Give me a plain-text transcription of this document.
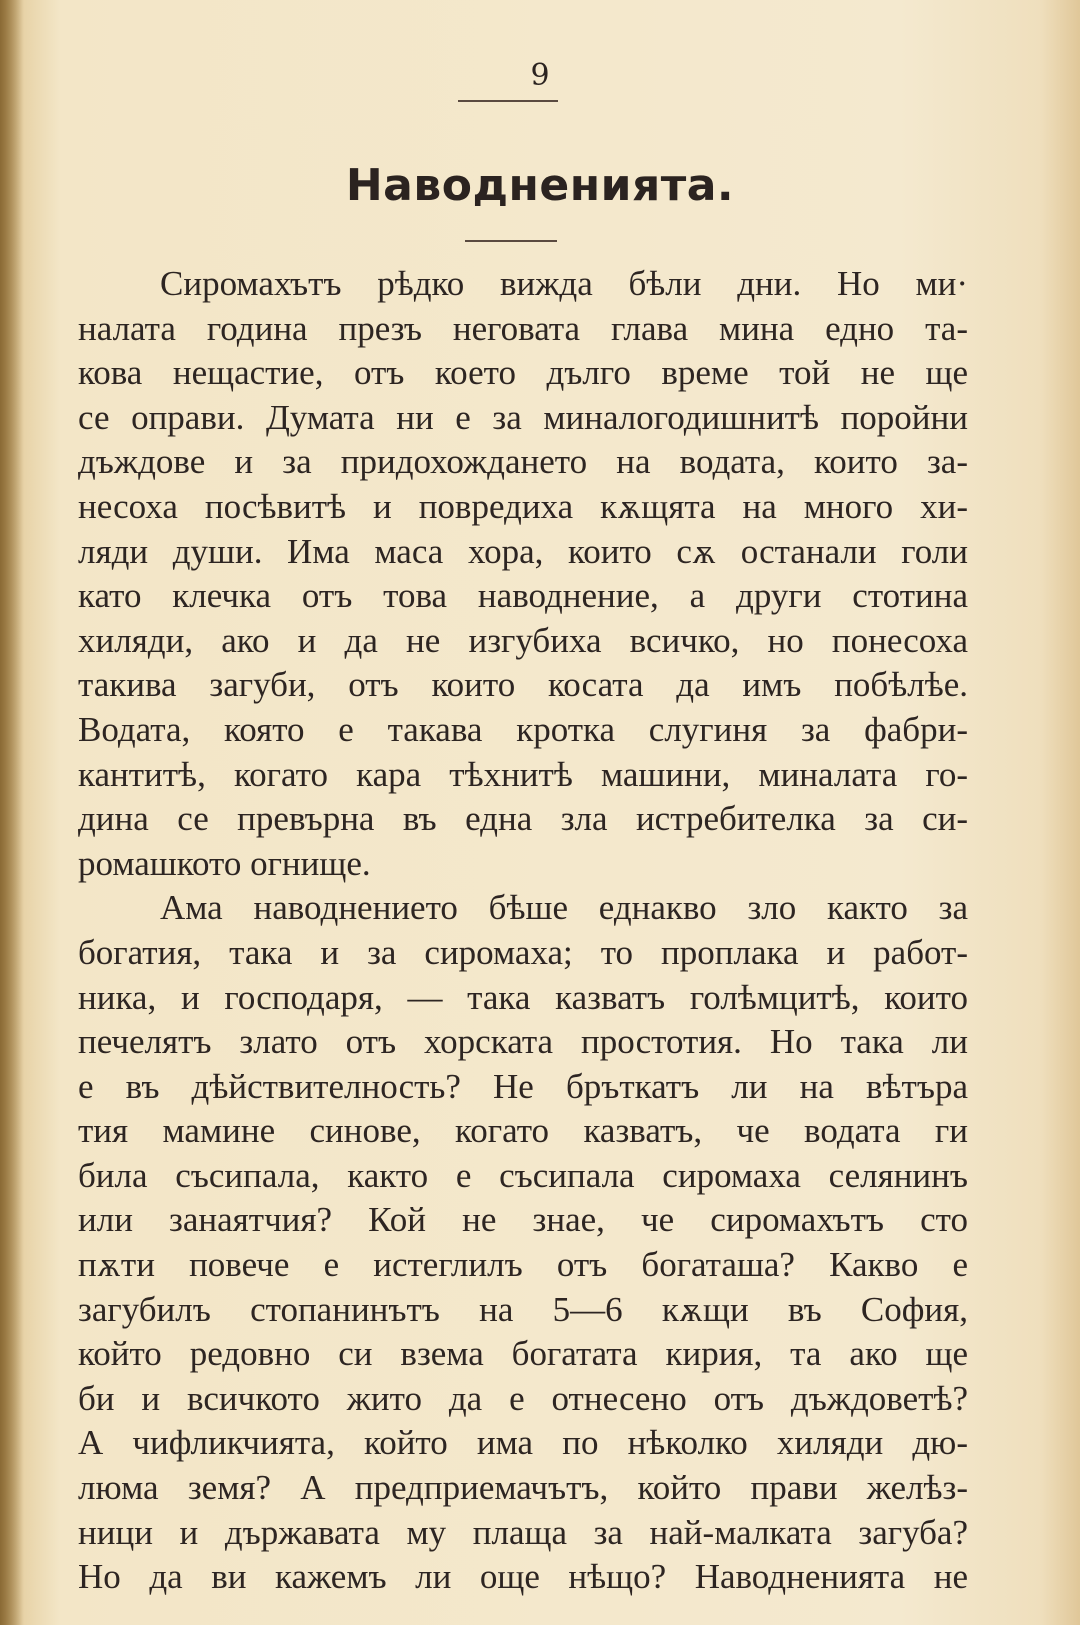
9
Наводненията.
Сиромахътъ рѣдко вижда бѣли дни. Но ми·
налата година презъ неговата глава мина едно та-
кова нещастие, отъ което дълго време той не ще
се оправи. Думата ни е за миналогодишнитѣ поройни
дъждове и за придохождането на водата, които за-
несоха посѣвитѣ и повредиха кѫщята на много хи-
ляди души. Има маса хора, които сѫ останали голи
като клечка отъ това наводнение, а други стотина
хиляди, ако и да не изгубиха всичко, но понесоха
такива загуби, отъ които косата да имъ побѣлѣе.
Водата, която е такава кротка слугиня за фабри-
кантитѣ, когато кара тѣхнитѣ машини, миналата го-
дина се превърна въ една зла истребителка за си-
ромашкото огнище.
Ама наводнението бѣше еднакво зло както за
богатия, така и за сиромаха; то проплака и работ-
ника, и господаря, — така казватъ голѣмцитѣ, които
печелятъ злато отъ хорската простотия. Но така ли
е въ дѣйствителность? Не бръткатъ ли на вѣтъра
тия мамине синове, когато казватъ, че водата ги
била съсипала, както е съсипала сиромаха селянинъ
или занаятчия? Кой не знае, че сиромахътъ сто
пѫти повече е истеглилъ отъ богаташа? Какво е
загубилъ стопанинътъ на 5—6 кѫщи въ София,
който редовно си взема богатата кирия, та ако ще
би и всичкото жито да е отнесено отъ дъждоветѣ?
А чифликчията, който има по нѣколко хиляди дю-
люма земя? А предприемачътъ, който прави желѣз-
ници и държавата му плаща за най-малката загуба?
Но да ви кажемъ ли още нѣщо? Наводненията не
